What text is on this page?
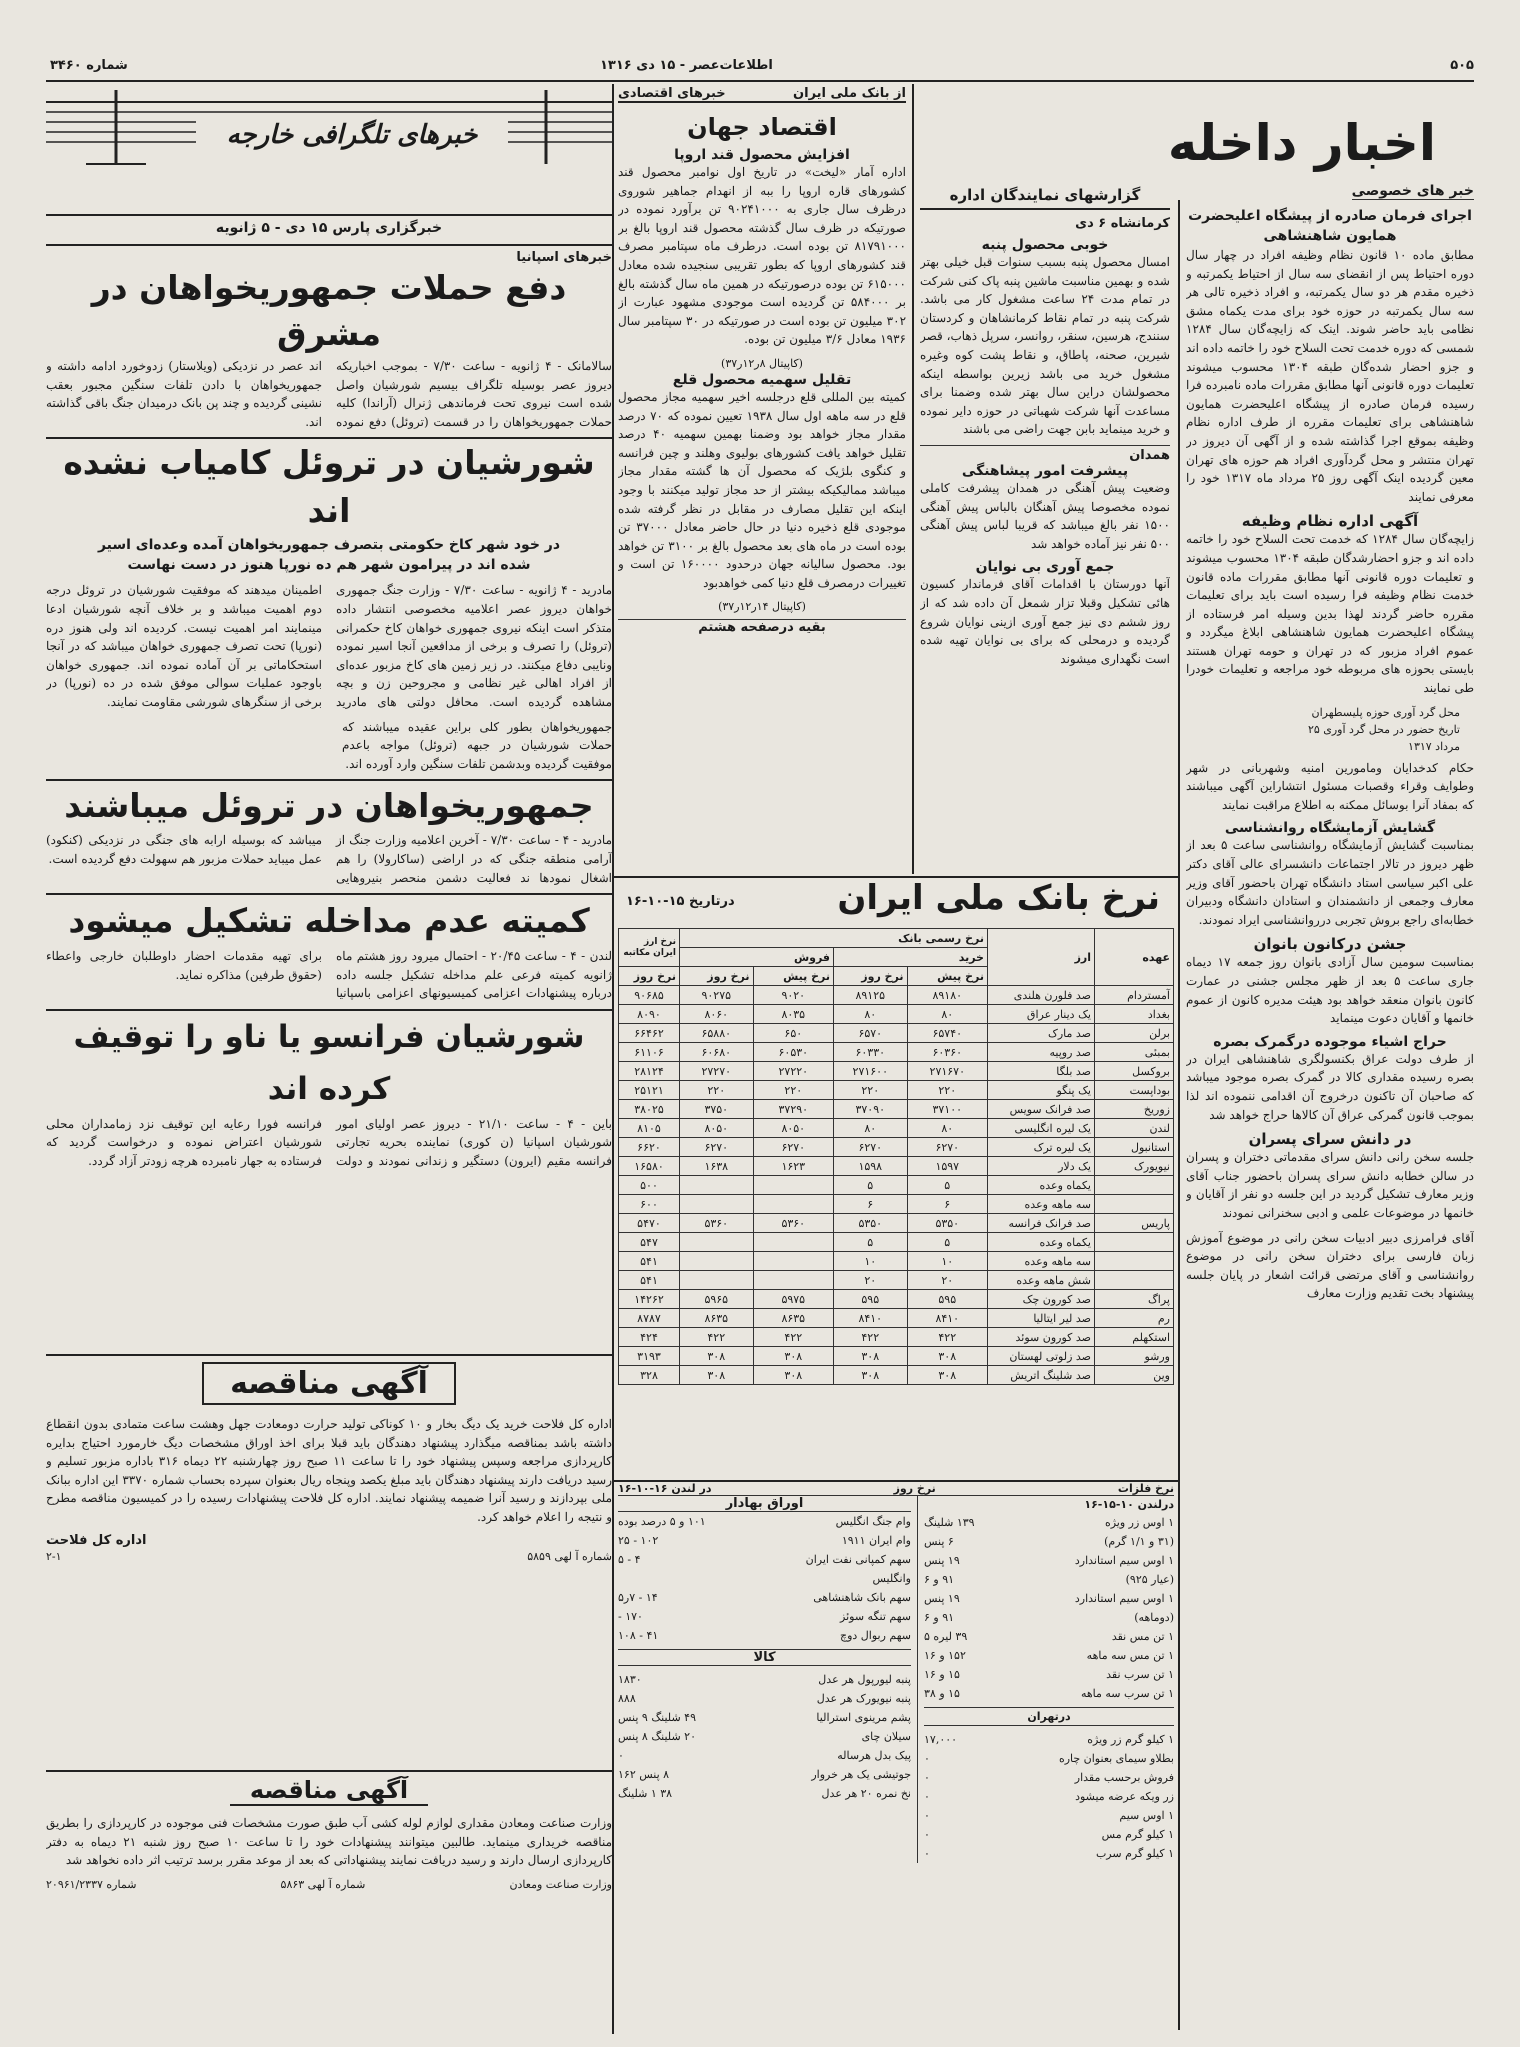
۵۰۵
اطلاعات‌عصر - ۱۵ دی ۱۳۱۶
شماره ۳۴۶۰
اخبار داخله
خبر های خصوصی
اجرای فرمان صادره از پیشگاه اعلیحضرت همایون شاهنشاهی

مطابق ماده ۱۰ قانون نظام وظیفه افراد در چهار سال دوره احتیاط پس از انقضای سه سال از احتیاط یکمرتبه و ذخیره مقدم هر دو سال یکمرتبه، و افراد ذخیره تالی هر سه سال یکمرتبه در حوزه خود برای مدت یکماه مشق نظامی باید حاضر شوند. اینک که زایچه‌گان سال ۱۲۸۴ شمسی که دوره خدمت تحت السلاح خود را خاتمه داده اند و جزو احضار شده‌گان طبقه ۱۳۰۴ محسوب میشوند تعلیمات دوره قانونی آنها مطابق مقررات ماده نامبرده فرا رسیده فرمان صادره از پیشگاه اعلیحضرت همایون شاهنشاهی برای تعلیمات مقرره از طرف اداره نظام وظیفه بموقع اجرا گذاشته شده و از آگهی آن دیروز در تهران منتشر و محل گردآوری افراد هم حوزه های تهران معین گردیده اینک آگهی روز ۲۵ مرداد ماه ۱۳۱۷ خود را معرفی نمایند

آگهی اداره نظام وظیفه

زایچه‌گان سال ۱۲۸۴ که خدمت تحت السلاح خود را خاتمه داده اند و جزو احضارشدگان طبقه ۱۳۰۴ محسوب میشوند و تعلیمات دوره قانونی آنها مطابق مقررات ماده قانون خدمت نظام وظیفه فرا رسیده است باید برای تعلیمات مقرره حاضر گردند لهذا بدین وسیله امر فرستاده از پیشگاه اعلیحضرت همایون شاهنشاهی ابلاغ میگردد و عموم افراد مزبور که در تهران و حومه تهران هستند بایستی بحوزه های مربوطه خود مراجعه و تعلیمات خودرا طی نمایند

محل گرد آوری حوزه پلیسطهران
تاریخ حضور در محل گرد آوری ۲۵
مرداد ۱۳۱۷

حکام کدخدایان ومامورین امنیه وشهربانی در شهر وطوایف وقراء وقصبات مسئول انتشاراین آگهی میباشند که بمفاد آنرا بوسائل ممکنه به اطلاع مراقبت نمایند

گشایش آزمایشگاه روانشناسی

بمناسبت گشایش آزمایشگاه روانشناسی ساعت ۵ بعد از ظهر دیروز در تالار اجتماعات دانشسرای عالی آقای دکتر علی اکبر سیاسی استاد دانشگاه تهران باحضور آقای وزیر معارف وجمعی از دانشمندان و استادان دانشگاه ودبیران خطابه‌ای راجع بروش تجربی درروانشناسی ایراد نمودند.

جشن درکانون بانوان

بمناسبت سومین سال آزادی بانوان روز جمعه ۱۷ دیماه جاری ساعت ۵ بعد از ظهر مجلس جشنی در عمارت کانون بانوان منعقد خواهد بود هیئت مدیره کانون از عموم خانمها و آقایان دعوت مینماید

حراج اشیاء موجوده درگمرک بصره

از طرف دولت عراق بکنسولگری شاهنشاهی ایران در بصره رسیده مقداری کالا در گمرک بصره موجود میباشد که صاحبان آن تاکنون درخروج آن اقدامی ننموده اند لذا بموجب قانون گمرکی عراق آن کالاها حراج خواهد شد

در دانش سرای پسران

جلسه سخن رانی دانش سرای مقدماتی دختران و پسران در سالن خطابه دانش سرای پسران باحضور جناب آقای وزیر معارف تشکیل گردید در این جلسه دو نفر از آقایان و خانمها در موضوعات علمی و ادبی سخنرانی نمودند

آقای فرامرزی دبیر ادبیات سخن رانی در موضوع آموزش زبان فارسی برای دختران سخن رانی در موضوع روانشناسی و آقای مرتضی قرائت اشعار در پایان جلسه پیشنهاد بخت تقدیم وزارت معارف

گزارشهای نمایندگان اداره
کرمانشاه ۶ دی
خوبی محصول پنبه

امسال محصول پنبه بسبب سنوات قبل خیلی بهتر شده و بهمین مناسبت ماشین پنبه پاک کنی شرکت در تمام مدت ۲۴ ساعت مشغول کار می باشد. شرکت پنبه در تمام نقاط کرمانشاهان و کردستان سنندج، هرسین، سنقر، روانسر، سرپل ذهاب، قصر شیرین، صحنه، پاطاق، و نقاط پشت کوه وغیره مشغول خرید می باشد زیرین بواسطه اینکه محصولشان دراین سال بهتر شده وضمنا برای مساعدت آنها شرکت شهباتی در حوزه دایر نموده و خرید مینماید بابن جهت راضی می باشند

همدان
پیشرفت امور پیشاهنگی

وضعیت پیش آهنگی در همدان پیشرفت کاملی نموده مخصوصا پیش آهنگان بالباس پیش آهنگی ۱۵۰۰ نفر بالغ میباشد که قریبا لباس پیش آهنگی ۵۰۰ نفر نیز آماده خواهد شد

جمع آوری بی نوایان

آنها دورستان با اقدامات آقای فرماندار کسیون هائی تشکیل وقبلا تزار شمعل آن داده شد که از روز ششم دی نیز جمع آوری ازینی نوایان شروع گردیده و درمحلی که برای بی نوایان تهیه شده است نگهداری میشوند

از بانک ملی ایران
خبرهای اقتصادی
اقتصاد جهان
افزایش محصول قند اروپا

اداره آمار «لیخت» در تاریخ اول نوامبر محصول قند کشورهای قاره اروپا را ببه از انهدام جماهیر شوروی درظرف سال جاری به ۹۰۲۴۱۰۰۰ تن برآورد نموده در صورتیکه در ظرف سال گذشته محصول قند اروپا بالغ بر ۸۱۷۹۱۰۰۰ تن بوده است. درطرف ماه سپتامبر مصرف قند کشورهای اروپا که بطور تقریبی سنجیده شده معادل ۶۱۵۰۰۰ تن بوده درصورتیکه در همین ماه سال گذشته بالغ بر ۵۸۴۰۰۰ تن گردیده است موجودی مشهود عبارت از ۳۰۲ میلیون تن بوده است در صورتیکه در ۳۰ سپتامبر سال ۱۹۳۶ معادل ۳/۶ میلیون تن بوده.

(کاپیتال ۸ر۱۲ر۳۷)
تقلیل سهمیه محصول قلع

کمیته بین المللی قلع درجلسه اخیر سهمیه مجاز محصول قلع در سه ماهه اول سال ۱۹۳۸ تعیین نموده که ۷۰ درصد مقدار مجاز خواهد بود وضمنا بهمین سهمیه ۴۰ درصد تقلیل خواهد یافت کشورهای بولیوی وهلند و چین فرانسه و کنگوی بلژیک که محصول آن ها گشته مقدار مجاز میباشد ممالیکیکه بیشتر از حد مجاز تولید میکنند با وجود اینکه این تقلیل مصارف در مقابل در نظر گرفته شده موجودی قلع ذخیره دنیا در حال حاضر معادل ۳۷۰۰۰ تن بوده است در ماه های بعد محصول بالغ بر ۳۱۰۰ تن خواهد بود. محصول سالیانه جهان درحدود ۱۶۰۰۰۰ تن است و تغییرات درمصرف قلع دنیا کمی خواهدبود

(کاپیتال ۱۴ر۱۲ر۳۷)
بقیه درصفحه هشتم
خبرهای تلگرافی خارجه
خبرگزاری پارس ۱۵ دی - ۵ ژانویه
خبرهای اسپانیا
دفع حملات جمهوریخواهان در مشرق

سالامانک - ۴ ژانویه - ساعت ۷/۳۰ - بموجب اخباریکه دیروز عصر بوسیله تلگراف بیسیم شورشیان واصل شده است نیروی تحت فرماندهی ژنرال (آراندا) کلیه حملات جمهوریخواهان را در قسمت (تروئل) دفع نموده اند عصر در نزدیکی (ویلاستار) زدوخورد ادامه داشته و جمهوریخواهان با دادن تلفات سنگین مجبور بعقب نشینی گردیده و چند پن بانک درمیدان جنگ باقی گذاشته اند.

شورشیان در تروئل کامیاب نشده اند
در خود شهر کاخ حکومتی بتصرف جمهوریخواهان آمده وعده‌ای اسیر شده اند در پیرامون شهر هم ده نورپا هنوز در دست نهاست

مادرید - ۴ ژانویه - ساعت ۷/۳۰ - وزارت جنگ جمهوری خواهان دیروز عصر اعلامیه مخصوصی انتشار داده متذکر است اینکه نیروی جمهوری خواهان کاخ حکمرانی (تروئل) را تصرف و برخی از مدافعین آنجا اسیر نموده ونایبی دفاع میکنند. در زیر زمین های کاخ مزبور عده‌ای از افراد اهالی غیر نظامی و مجروحین زن و بچه مشاهده گردیده است. محافل دولتی های مادرید اطمینان میدهند که موفقیت شورشیان در تروئل درجه دوم اهمیت میباشد و بر خلاف آنچه شورشیان ادعا مینمایند امر اهمیت نیست. کردیده اند ولی هنوز دره (نورپا) تحت تصرف جمهوری خواهان میباشد که در آنجا استحکاماتی بر آن آماده نموده اند. جمهوری خواهان باوجود عملیات سوالی موفق شده در ده (نورپا) در برخی از سنگرهای شورشی مقاومت نمایند.

جمهوریخواهان بطور کلی براین عقیده میباشند که حملات شورشیان در جبهه (تروئل) مواجه باعدم موفقیت گردیده وبدشمن تلفات سنگین وارد آورده اند.

جمهوریخواهان در تروئل میباشند

مادرید - ۴ - ساعت ۷/۳۰ - آخرین اعلامیه وزارت جنگ از آرامی منطقه جنگی که در اراضی (ساکارولا) را هم اشغال نمودها ند فعالیت دشمن منحصر بنیروهایی میباشد که بوسیله ارابه های جنگی در نزدیکی (کنکود) عمل میباید حملات مزبور هم سهولت دفع گردیده است.

کمیته عدم مداخله تشکیل میشود

لندن - ۴ - ساعت ۲۰/۴۵ - احتمال میرود روز هشتم ماه ژانویه کمیته فرعی علم مداخله تشکیل جلسه داده درباره پیشنهادات اعزامی کمیسیونهای اعزامی باسپانیا برای تهیه مقدمات احضار داوطلبان خارجی واعطاء (حقوق طرفین) مذاکره نماید.

شورشیان فرانسو یا ناو را توقیف کرده اند

باین - ۴ - ساعت ۲۱/۱۰ - دیروز عصر اولیای امور شورشیان اسپانیا (ن کوری) نماینده بحریه تجارتی فرانسه مقیم (ایرون) دستگیر و زندانی نمودند و دولت فرانسه فورا رعایه این توقیف نزد زمامداران محلی شورشیان اعتراض نموده و درخواست گردید که فرستاده به جهار نامبرده هرچه زودتر آزاد گردد.

آگهی مناقصه

اداره کل فلاحت خرید یک دیگ بخار و ۱۰ کوناکی تولید حرارت دومعادت جهل وهشت ساعت متمادی بدون انقطاع داشته باشد بمناقصه میگذارد پیشنهاد دهندگان باید قبلا برای اخذ اوراق مشخصات دیگ خارمورد احتیاج بدایره کارپردازی مراجعه وسپس پیشنهاد خود را تا ساعت ۱۱ صبح روز چهارشنبه ۲۲ دیماه ۳۱۶ باداره مزبور تسلیم و رسید دریافت دارند پیشنهاد دهندگان باید مبلغ یکصد وپنجاه ریال بعنوان سپرده بحساب شماره ۳۳۷۰ این اداره ببانک ملی بپردازند و رسید آنرا ضمیمه پیشنهاد نمایند. اداره کل فلاحت پیشنهادات رسیده را در کمیسیون مناقصه مطرح و نتیجه را اعلام خواهد کرد.

اداره کل فلاحت
شماره آ لهی ۵۸۵۹
۲-۱
آگهی مناقصه

وزارت صناعت ومعادن مقداری لوازم لوله کشی آب طبق صورت مشخصات فنی موجوده در کارپردازی را بطریق مناقصه خریداری مینماید. طالبین میتوانند پیشنهادات خود را تا ساعت ۱۰ صبح روز شنبه ۲۱ دیماه به دفتر کارپردازی ارسال دارند و رسید دریافت نمایند پیشنهاداتی که بعد از موعد مقرر برسد ترتیب اثر داده نخواهد شد

وزارت صناعت ومعادن
شماره آ لهی ۵۸۶۳
شماره ۲۰۹۶۱/۲۳۳۷
نرخ بانک ملی ایران
درتاریخ ۱۵-۱۰-۱۶
عهده	ارز	نرخ رسمی بانک				نرخ ارز ایران مکاتبه
		خرید		فروش		
		نرخ پیش	نرخ روز	نرخ پیش	نرخ روز	نرخ روز
آمستردام	صد فلورن هلندی	۸۹۱۸۰	۸۹۱۲۵	۹۰۲۰	۹۰۲۷۵	۹۰۶۸۵
بغداد	یک دینار عراق	۸۰	۸۰	۸۰۳۵	۸۰۶۰	۸۰۹۰
برلن	صد مارک	۶۵۷۴۰	۶۵۷۰	۶۵۰	۶۵۸۸۰	۶۶۴۶۲
بمبئی	صد روپیه	۶۰۳۶۰	۶۰۳۳۰	۶۰۵۳۰	۶۰۶۸۰	۶۱۱۰۶
بروکسل	صد بلگا	۲۷۱۶۷۰	۲۷۱۶۰۰	۲۷۲۲۰	۲۷۲۷۰	۲۸۱۲۴
بوداپست	یک پنگو	۲۲۰	۲۲۰	۲۲۰	۲۲۰	۲۵۱۲۱
زوریخ	صد فرانک سویس	۳۷۱۰۰	۳۷۰۹۰	۳۷۲۹۰	۳۷۵۰	۳۸۰۲۵
لندن	یک لیره انگلیسی	۸۰	۸۰	۸۰۵۰	۸۰۵۰	۸۱۰۵
استانبول	یک لیره ترک	۶۲۷۰	۶۲۷۰	۶۲۷۰	۶۲۷۰	۶۶۲۰
نیویورک	یک دلار	۱۵۹۷	۱۵۹۸	۱۶۲۳	۱۶۳۸	۱۶۵۸۰
	یکماه وعده	۵	۵			۵۰۰
	سه ماهه وعده	۶	۶			۶۰۰
پاریس	صد فرانک فرانسه	۵۳۵۰	۵۳۵۰	۵۳۶۰	۵۳۶۰	۵۴۷۰
	یکماه وعده	۵	۵			۵۴۷
	سه ماهه وعده	۱۰	۱۰			۵۴۱
	شش ماهه وعده	۲۰	۲۰			۵۴۱
پراگ	صد کورون چک	۵۹۵	۵۹۵	۵۹۷۵	۵۹۶۵	۱۴۲۶۲
رم	صد لیر ایتالیا	۸۴۱۰	۸۴۱۰	۸۶۳۵	۸۶۳۵	۸۷۸۷
استکهلم	صد کورون سوئد	۴۲۲	۴۲۲	۴۲۲	۴۲۲	۴۲۴
ورشو	صد زلوتی لهستان	۳۰۸	۳۰۸	۳۰۸	۳۰۸	۳۱۹۳
وین	صد شلینگ اتریش	۳۰۸	۳۰۸	۳۰۸	۳۰۸	۳۲۸
نرخ فلزات
نرخ روز
در لندن ۱۶-۱۰-۱۶
درلندن ۱۰-۱۵-۱۶
۱ اوس زر ویژه
۱۳۹ شلینگ
(۳۱ و ۱/۱ گرم)
۶ پنس
۱ اوس سیم استاندارد
۱۹ پنس
(عیار ۹۲۵)
۹۱ و ۶
۱ اوس سیم استاندارد
۱۹ پنس
(دوماهه)
۹۱ و ۶
۱ تن مس نقد
۳۹ لیره ۵
۱ تن مس سه ماهه
۱۵۲ و ۱۶
۱ تن سرب نقد
۱۵ و ۱۶
۱ تن سرب سه ماهه
۱۵ و ۳۸
درتهران
۱ کیلو گرم زر ویژه
۱۷,۰۰۰
بطلاو سیمای بعنوان چاره
۰
فروش برحسب مقدار
۰
زر ویکه عرضه میشود
۰
۱ اوس سیم
۰
۱ کیلو گرم مس
۰
۱ کیلو گرم سرب
۰
اوراق بهادار
وام جنگ انگلیس
۱۰۱ و ۵ درصد بوده
وام ایران ۱۹۱۱
۱۰۲ - ۲۵
سهم کمپانی نفت ایران
۴ - ۵
وانگلیس
سهم بانک شاهنشاهی
۱۴ - ۷ر۵
سهم تنگه سوئز
۱۷۰ -
سهم ربوال دوچ
۴۱ - ۱۰۸
کالا
پنبه لیورپول هر عدل
۱۸۳۰
پنبه نیویورک هر عدل
۸۸۸
پشم مرینوی استرالیا
۴۹ شلینگ ۹ پنس
سیلان چای
۲۰ شلینگ ۸ پنس
پیک بدل هرساله
۰
جوتیشی یک هر خروار
۸ پنس ۱۶۲
نخ نمره ۲۰ هر عدل
۳۸ ۱ شلینگ
